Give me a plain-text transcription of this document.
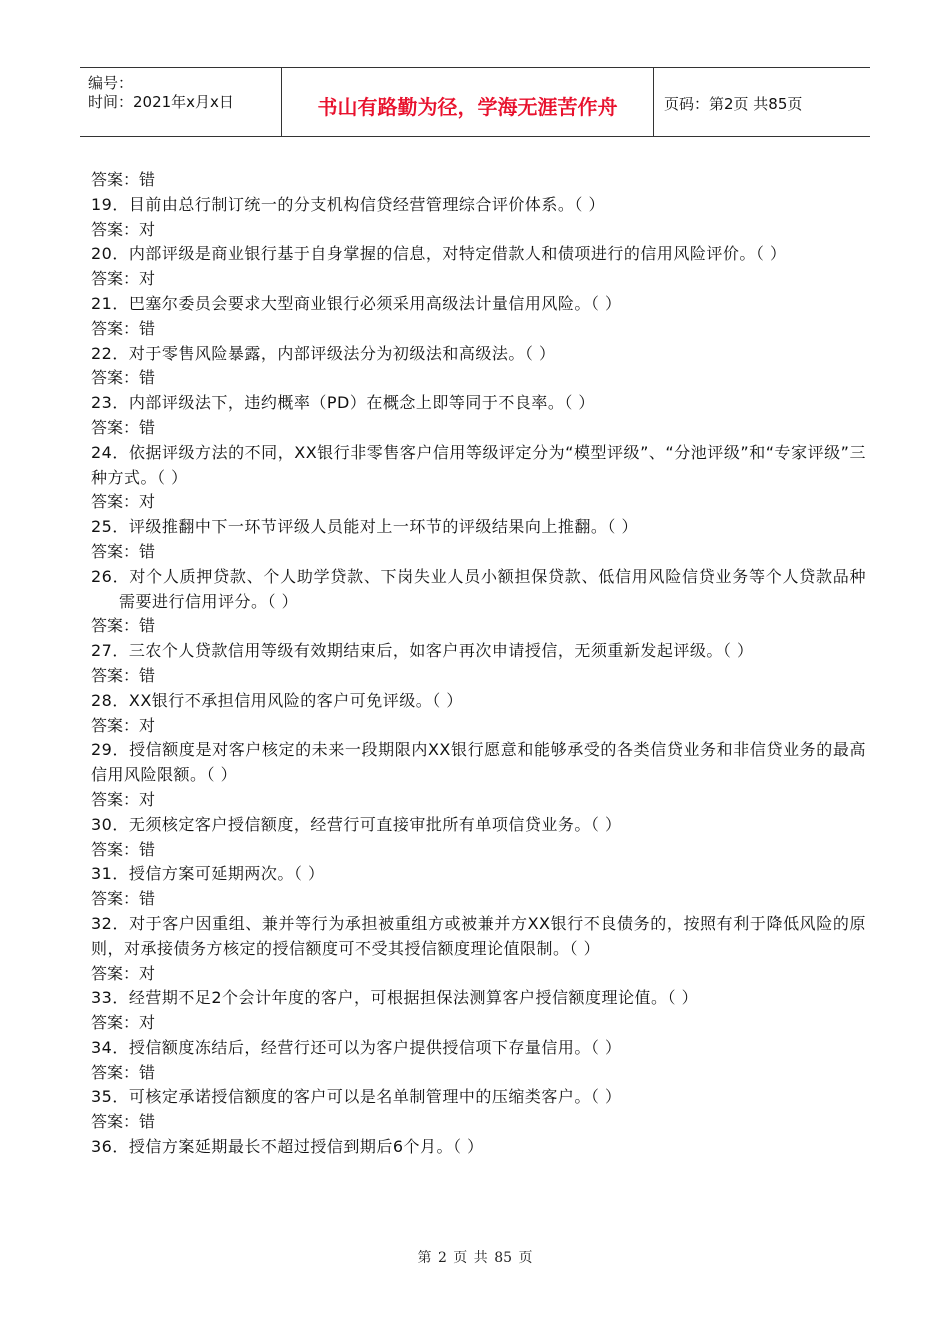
编号：
时间：2021年x月x日	书山有路勤为径，学海无涯苦作舟	页码：第2页 共85页
答案：错
19．目前由总行制订统一的分支机构信贷经营管理综合评价体系。（ ）
答案：对
20．内部评级是商业银行基于自身掌握的信息，对特定借款人和债项进行的信用风险评价。（ ）
答案：对
21．巴塞尔委员会要求大型商业银行必须采用高级法计量信用风险。（ ）
答案：错
22．对于零售风险暴露，内部评级法分为初级法和高级法。（ ）
答案：错
23．内部评级法下，违约概率（PD）在概念上即等同于不良率。（ ）
答案：错
24．依据评级方法的不同，XX银行非零售客户信用等级评定分为“模型评级”、“分池评级”和“专家评级”三种方式。（ ）
答案：对
25．评级推翻中下一环节评级人员能对上一环节的评级结果向上推翻。（ ）
答案：错
26．对个人质押贷款、个人助学贷款、下岗失业人员小额担保贷款、低信用风险信贷业务等个人贷款品种需要进行信用评分。（ ）
答案：错
27．三农个人贷款信用等级有效期结束后，如客户再次申请授信，无须重新发起评级。（ ）
答案：错
28．XX银行不承担信用风险的客户可免评级。（ ）
答案：对
29．授信额度是对客户核定的未来一段期限内XX银行愿意和能够承受的各类信贷业务和非信贷业务的最高信用风险限额。（ ）
答案：对
30．无须核定客户授信额度，经营行可直接审批所有单项信贷业务。（ ）
答案：错
31．授信方案可延期两次。（ ）
答案：错
32．对于客户因重组、兼并等行为承担被重组方或被兼并方XX银行不良债务的，按照有利于降低风险的原则，对承接债务方核定的授信额度可不受其授信额度理论值限制。（ ）
答案：对
33．经营期不足2个会计年度的客户，可根据担保法测算客户授信额度理论值。（ ）
答案：对
34．授信额度冻结后，经营行还可以为客户提供授信项下存量信用。（ ）
答案：错
35．可核定承诺授信额度的客户可以是名单制管理中的压缩类客户。（ ）
答案：错
36．授信方案延期最长不超过授信到期后6个月。（ ）
第 2 页 共 85 页
